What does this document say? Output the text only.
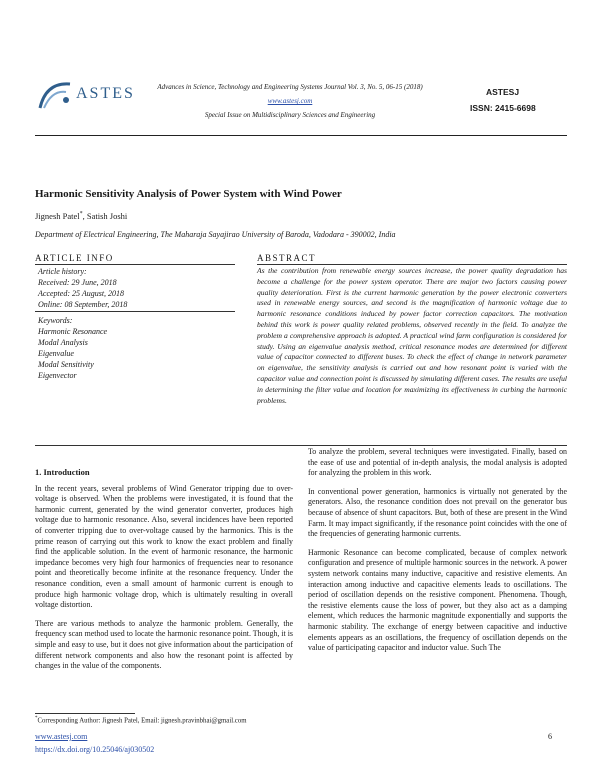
ASTES	Advances in Science, Technology and Engineering Systems Journal Vol. 3, No. 5, 06-15 (2018)
www.astesj.com
Special Issue on Multidisciplinary Sciences and Engineering
ASTESJ
ISSN: 2415-6698
Harmonic Sensitivity Analysis of Power System with Wind Power
Jignesh Patel*, Satish Joshi
Department of Electrical Engineering, The Maharaja Sayajirao University of Baroda, Vadodara - 390002, India
ARTICLE INFO
Article history:
Received: 29 June, 2018
Accepted: 25 August, 2018
Online: 08 September, 2018
Keywords:
Harmonic Resonance
Modal Analysis
Eigenvalue
Modal Sensitivity
Eigenvector
ABSTRACT
As the contribution from renewable energy sources increase, the power quality degradation has become a challenge for the power system operator. There are major two factors causing power quality deterioration. First is the current harmonic generation by the power electronic converters used in renewable energy sources, and second is the magnification of harmonic voltage due to harmonic resonance conditions induced by power factor correction capacitors. The motivation behind this work is power quality related problems, observed recently in the field. To analyze the problem a comprehensive approach is adopted. A practical wind farm configuration is considered for study. Using an eigenvalue analysis method, critical resonance modes are determined for different value of capacitor connected to different buses. To check the effect of change in network parameter on eigenvalue, the sensitivity analysis is carried out and how resonant point is varied with the capacitor value and connection point is discussed by simulating different cases. The results are useful in determining the filter value and location for maximizing its effectiveness in curbing the harmonic problems.
1. Introduction

In the recent years, several problems of Wind Generator tripping due to over-voltage is observed. When the problems were investigated, it is found that the harmonic current, generated by the wind generator converter, produces high voltage due to harmonic resonance. Also, several incidences have been reported of converter tripping due to over-voltage caused by the harmonics. This is the prime reason of carrying out this work to know the exact problem and finally find the applicable solution. In the event of harmonic resonance, the harmonic impedance becomes very high four harmonics of frequencies near to resonance point and theoretically become infinite at the resonance frequency. Under the resonance condition, even a small amount of harmonic current is enough to produce high harmonic voltage drop, which is ultimately resulting in overall voltage distortion.

There are various methods to analyze the harmonic problem. Generally, the frequency scan method used to locate the harmonic resonance point. Though, it is simple and easy to use, but it does not give information about the participation of different network components and also how the resonant point is affected by changes in the value of the components.

To analyze the problem, several techniques were investigated. Finally, based on the ease of use and potential of in-depth analysis, the modal analysis is adopted for analyzing the problem in this work.

In conventional power generation, harmonics is virtually not generated by the generators. Also, the resonance condition does not prevail on the generator bus because of absence of shunt capacitors. But, both of these are present in the Wind Farm. It may impact significantly, if the resonance point coincides with the one of the frequencies of generating harmonic currents.

Harmonic Resonance can become complicated, because of complex network configuration and presence of multiple harmonic sources in the network. A power system network contains many inductive, capacitive and resistive elements. An interaction among inductive and capacitive elements leads to oscillations. The period of oscillation depends on the resistive component. Phenomena. Though, the resistive elements cause the loss of power, but they also act as a damping element, which reduces the harmonic magnitude exponentially and supports the harmonic stability. The exchange of energy between capacitive and inductive elements appears as an oscillations, the frequency of oscillation depends on the value of participating capacitor and inductor value. Such The

*Corresponding Author: Jignesh Patel, Email: jignesh.pravinbhai@gmail.com
www.astesj.com
https://dx.doi.org/10.25046/aj030502
6
